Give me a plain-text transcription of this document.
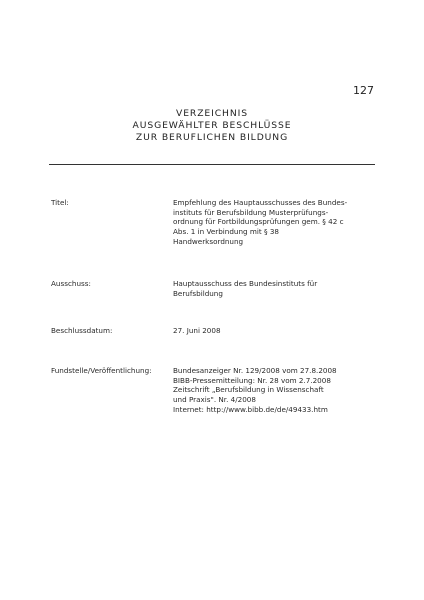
127
VERZEICHNIS
AUSGEWÄHLTER BESCHLÜSSE
ZUR BERUFLICHEN BILDUNG
Titel:	Empfehlung des Hauptausschusses des Bundes-
instituts für Berufsbildung Musterprüfungs-
ordnung für Fortbildungsprüfungen gem. § 42 c
Abs. 1 in Verbindung mit § 38
Handwerksordnung
Ausschuss:	Hauptausschuss des Bundesinstituts für
Berufsbildung
Beschlussdatum:	27. Juni 2008
Fundstelle/Veröffentlichung:	Bundesanzeiger Nr. 129/2008 vom 27.8.2008
BIBB-Pressemitteilung: Nr. 28 vom 2.7.2008
Zeitschrift „Berufsbildung in Wissenschaft
und Praxis". Nr. 4/2008
Internet: http://www.bibb.de/de/49433.htm
